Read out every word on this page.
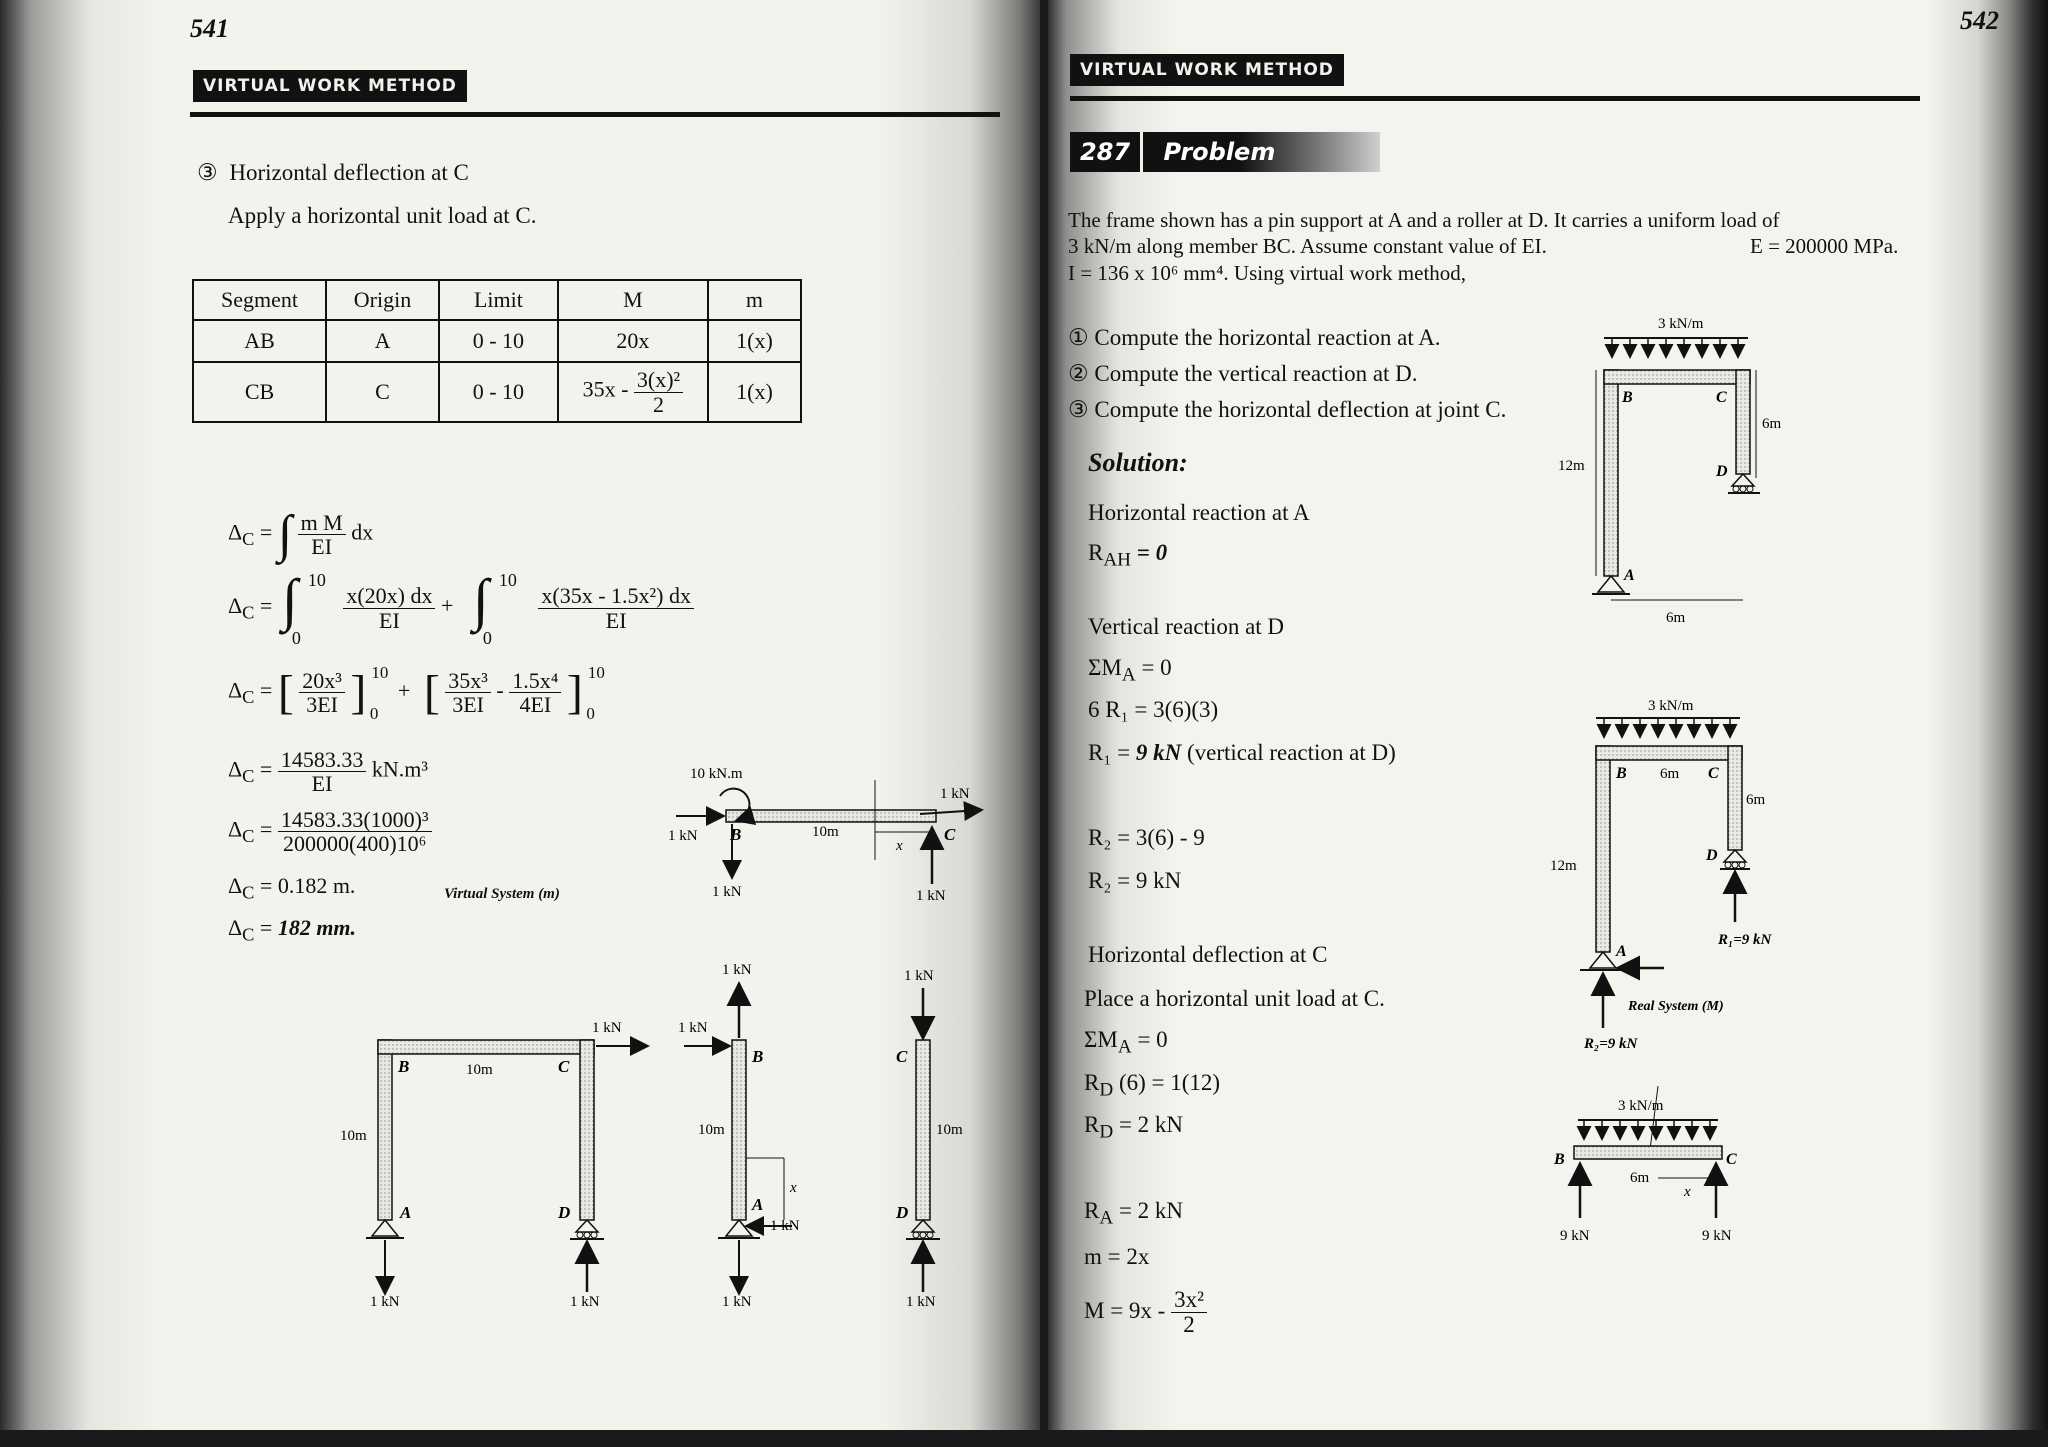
541
VIRTUAL WORK METHOD
③ Horizontal deflection at C
Apply a horizontal unit load at C.
Segment	Origin	Limit	M	m
AB	A	0 - 10	20x	1(x)
CB	C	0 - 10	$35x - \frac{\text{3(x)²}}{2}$	1(x)
$\Delta_C$ = ∫ $\frac{\text{m M}}{EI}$ dx
$\Delta_C$ = ∫ 10
0

$\frac{x(20x) dx}{EI}$ + ∫ 10
0

$\frac{\text{x(35x - 1.5x²) dx}}{EI}$
$\Delta_C$ = [ $\frac{\text{20x³}}{3EI}$ ] 10
0
+ [ $\frac{\text{35x³}}{3EI} - \frac{\text{1.5x⁴}}{4EI}$ ] 10
0
$\Delta_C = \frac{14583.33}{EI} kN.m^3$
$\Delta_C = \frac{\text{14583.33(1000)³}}{\text{200000(400)10⁶}}$
$\Delta_C = 0.182$ m.
$\Delta_C = 182$ mm.
Virtual System (m)
10 kN.m
1 kN B
1 kN
10m
x
1 kN
1 kN
C
B	10m	C
10m
1 kN
A
1 kN
D
1 kN
B
1 kN
1 kN
10m
x
A
1 kN
1 kN
C
1 kN
10m
D
1 kN
542
VIRTUAL WORK METHOD
287 Problem
The frame shown has a pin support at A and a roller at D. It carries a uniform load of
3 kN/m along member BC. Assume constant value of EI.	E = 200000 MPa.
I = 136 x 10⁶ mm⁴. Using virtual work method,
① Compute the horizontal reaction at A.
② Compute the vertical reaction at D.
③ Compute the horizontal deflection at joint C.
Solution:
Horizontal reaction at A
$R_{AH} = 0$
Vertical reaction at D
$\Sigma M_A = 0$
6 R₁ = 3(6)(3)
R₁ = 9 kN (vertical reaction at D)
R₂ = 3(6) - 9
R₂ = 9 kN
Horizontal deflection at C
Place a horizontal unit load at C.
$\Sigma M_A = 0$
$R_D$ (6) = 1(12)
$R_D = 2$ kN
$R_A = 2$ kN
m = 2x
$M = 9x - \frac{\text{3x²}}{2}$
3 kN/m
B	C
6m
12m	D
A
6m
3 kN/m
B 6m C
6m
12m
D
R₁=9 kN
A
R₂=9 kN
Real System (M)
3 kN/m
B	C
6m
x
9 kN	9 kN
